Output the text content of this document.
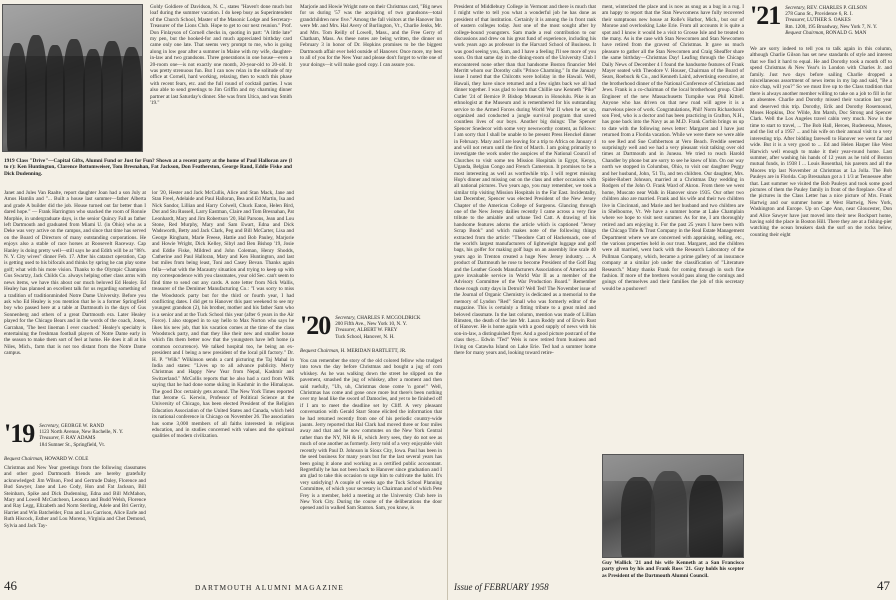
Goldy Goldiere of Davidson, N. C., states "Haven't done much but loaf during the summer vacation. I do keep busy as Superintendent of the Church School, Master of the Masonic Lodge and Secretary-Treasurer of the Lions Club. Hope to get to our next reunion." Prof. Don Finlayson of Cornell checks in, quoting in part: "A little late" my pen, but the hooked-for and much appreciated birthday card came only one late. That seems very prompt to me, who is going along in low gear after a summer in Maine with my wife, daughter-in-law and two grandsons. Three generations in one house—even a 20-room one—is not exactly one month, 20-year-old to 20-old. It was pretty strenuous fun. But I can now relax in the solitude of my office at Cornell, hard working, relaxing, then to watch this phase with recent fears, etc. and the full round of cocktail parties. I was also able to send greetings to Jim Griffin and my charming dinner partner at last Saturday's dinner. She was from Utica, and was Smith '19."
1919 Class "Drive"—Capital Gifts, Alumni Fund or Just for Fun? Shown at a recent party at the home of Paul Halloran are (l to r): Ken Huntington, Clarence Bottomweiser, Tom Bresnahan, Fat Jackson, Don Featherston, George Rand, Eddie Fiske and Dick Dudenning.
Janet and Jules Van Raalte, report daughter Joan had a son July at Amos Hamlin and "... Built a house last summer—father Alberta and grade A builder did the job. House turned out far better than I dared hope." — Frank Harrington who snacked the room of Ronnie Morphie, in undergraduate days, is the senior Quincy Fall as father left Dartmouth and graduated from Miami U. (in Ohio) who as a Deke was very active on the campus, and since that time has served on the Board of Directors of many outstanding corporations. He enjoys also a stable of race horses at Roosevelt Raceway. Cap Hanley is doing pretty well—still says he and Edith will be at "88's. N. Y. City wives" dinner Feb. 17. After his cataract operation, Cap is getting used to his bifocals and thinks by spring he can play some golf; what with his mote vision. Thanks to the Olympic Champion Gus Swartzy, Jack Childs Co. always helping other class arms with news items, we have this about our much beloved Ed Healey. Ed Healey has planned an excellent talk for us regarding something of a tradition of traditionminded Notre Dame University. Before you ask who Ed Healey is you mention that he is a former Springfield boy who passed here at a table at Dartmouth in the days of Gus Sonnenberg and others of a great Dartmouth era. Later Healey played for the Chicago Bears and in the words of the coach, Jones, Garrahan, 'The best lineman I ever coached.' Healey's specialty is entertaining the freshman football players of Notre Dame early in the season to make them sort of feel at home. He does it all at his Niles, Mich., farm that is not too distant from the Notre Dame campus.
'19 Secretary, GEORGE W. RAND
1123 North Avenue, New Rochelle, N. Y.
Treasurer, F. RAY ADAMS
184 Sumner St., Springfield, Vt.
Bequest Chairman, HOWARD W. COLE
Christmas and New Year greetings from the following classmates and other good Dartmouth friends are hereby gratefully acknowledged: Jim Wilson, Fred and Gertrude Daley, Florence and Bud Sawyer, Jane and Leo Cody, Hon and Fat Jackson, Bill Steinbarn, Spike and Dick Dudenning, Edna and Bill McMahon, Mary and Lowell McCutcheon, Leonora and Budd Welsh, Florence and Ray Legg, Elizabeth and Norm Sterling, Adele and Bri Gerrity, Harriet and Win Batchelder, Fran and Lou Garrison, Alice Earle and Ruth Hiscock, Esther and Lou Moreno, Virginia and Chet Demond, Sylvia and Jack Tay-
lor '20, Hester and Jack McCullis, Alice and Stan Mack, Jane and Stan Freel, Adelaide and Paul Halloran, Bea and Ed Martin, Isa and Nick Sandor, Lillian and Harry Colwell, Chuck Eaton, Helen Bird, Dot and Stu Russell, Larry Eastman, Claire and Tom Bresnahan, Pat Leonhardt, Mary and Jim Robertson '20, Hal Parsons, Jean and Lou Stone, Red Murphy, Mary and Sam Ewart, Edna and Dick Wadsworth, Betty and Jack Clark, Peg and Bill McCarter, Lisa and George Ringham, Marie Freese, Hattie and Bob Pauley, Marjorie and Howie Wright, Dick Kelley, Sibyl and Ben Bishop '19, Josie and Eddie Fiske, Mildred and John Coleman, Henry Shodds, Catherine and Paul Halloran, Mary and Ken Huntington, and last but miles from being least, Toni and Casey Bevan. Thanks again fella—what with the Macautry situation and trying to keep up with my correspondence with you classmates, your old Sec. can't seem to find time to send out any cards. A note letter from Nick Wallis, treasurer of the Demimer Manufacturing Co.: "I was sorry to miss the Woodstock party but for the third or fourth year, I had conflicting dates. I did get to Hanover this past weekend to see my youngest grandson (2), his brother, mother and his father Sam who is a senior and at the Tuck School this year (after 6 years in the Air Force). I also stopped in to say hello to Max Norton who says he likes his new job, that his vacation comes at the time of the class Woodstock party, and that they like their new and smaller house which fits them better now that the youngsters have left home (a common occurrence). We talked hospital too, he being an ex-president and I being a new president of the local pill factory." Dr. H. P. "Wilk" Wilkinson sends a card picturing the Taj Mahal in India and states: "Lives up to all advance publicity. Merry Christmas and Happy New Year from Nepal, Kashmir and Switzerland." McCollis reports that he also had a card from Wilk saying that he had done some skiing in Kashmir in the Himalayas. The good Doc certainly gets around. The New York Times reported that Jerome G. Kerwin, Professor of Political Science at the University of Chicago, has been elected President of the Religion Education Association of the United States and Canada, which held its national conference in Chicago on November 26. The association has some 3,000 members of all faiths interested in religious education, and in studies concerned with values and the spiritual qualities of modern civilization.
Marjorie and Howie Wright note on their Christmas card, "Big news for us during '57 was the acquiring of two grandsons—total grandchildren now five." Among the fall visitors at the Hanover Inn were Mr. and Mrs. Hal Avery of Burlington, Vt., Charlie Jenks, Mr. and Mrs. Tom Reilly of Lowell, Mass., and the Free Gerry of Chatham, Mass. As these notes are being written, the dinner on February 3 in honor of Dr. Hopkins promises to be the biggest Dartmouth affair ever held outside of Hanover. Once more, my best to all of you for the New Year and please don't forget to write one of your doings—it will make good copy. I can assure you.
'20 Secretary, CHARLES F. MCGOLDRICK
200 Fifth Ave., New York 10, N. Y.
Treasurer, ALBERT W. FREY
Tuck School, Hanover, N. H.
Bequest Chairman, H. MERIDAN BARTLETT, JR.
You can remember the story of the old colored fellow who trudged into town the day before Christmas and bought a jug of corn whiskey. As he was walking down the street he slipped on the pavement, smashed the jug of whiskey, after a moment and then said ruefully, "Uh, uh, Christmas done come 'n gone!" Well, Christmas has come and gone once more but there's been nothing over my head like the sword of Damocles, and yet to be finished off if I am to meet the deadline set by Cliff. A very pleasant conversation with Gerald Starr Stone elicited the information that he had returned recently from one of his periodic country-wide jaunts. Jerry reported that Hal Clark had moved three or four miles away and that and he now commutes on the New York Central rather than the NY, NH & H, which Jerry sees, they do not see as much of one another as formerly. Jerry told of a very enjoyable visit recently with Paul D. Johnson in Sioux City, Iowa. Paul has been in the seed business for many years but for the last several years has been going it alone and working as a certified public accountant. Regretfully he has not been back to Hanover since graduation and I am glad to take this occasion to urge him to cultivate the habit. It's very satisfying! A couple of weeks ago the Tuck School Planning Committee, of which your secretary is Chairman and of which Pete Frey is a member, held a meeting at the University Club here in New York City. During the course of the deliberations the door opened and in walked Sam Stanton. Sam, you know, is
46	DARTMOUTH ALUMNI MAGAZINE
President of Middlebury College in Vermont and there is much that I might write to tell you what a wonderful job he has done as president of that institution. Certainly it is among the in front rank of eastern colleges today. Just one of the most sought after by college-bound youngsters. Sam made a real contribution to our discussions and drew on his great fund of experience, including his work years ago as professor in the Harvard School of Business. It was good seeing you, Sam, and I have a feeling I'll see more of you soon. On that same day in the dining-room of the University Club I encountered none other than that handsome Boston financier Mel Merritt whom our Dorothy calls "Prince Charming." In the January issue I noted that the Chilcotts were holiday in the Hawaii. Well, Hawaii, they have since returned and a few sights back we all had dinner together. I was glad to learn that Chillie saw Kenneth "Pike" Cutler '24 of Bernice P. Bishop Museum in Honolulu. Pike is an ethnologist at the Museum and is remembered for his outstanding service to the Armed Forces during World War II when he set up, organized and conducted a jungle survival program that saved countless lives of our boys. Another big doings: The Spencer Spencer Snedecor with some very newsworthy content, as follows: I am sorry that I shall be unable to be present Press Henckel dinner in February. Mary and I are leaving for a trip to Africa on January 4 and will not return until the first of March. I am going primarily to investigate the work under the auspices of the National Council of Churches to visit some ten Mission Hospitals in Egypt, Kenya, Uganda, Belgian Congo and French Cameroun. It promises to be a most interesting as well as worthwhile trip. I will regret missing Hop's dinner and missing out on the class and other occasions with all national pictures. Two years ago, you may remember, we took a similar trip visiting Mission Hospitals in the Far East. Incidentally, last December, Spencer was elected President of the New Jersey Chapter of the American College of Surgeons. Glancing through one of the New Jersey dailies recently I came across a very fine tribute to the amiable and urbane Ted Catt. A drawing of his handsome features adorns the article which is captioned "Jersey Scrap Book" and which makes note of the following things extracted from the article: "Theodore Catt of Hackensack, one of the world's largest manufacturers of lightweight luggage and golf bags, his golfer for making golf bags on an assembly line scale 40 years ago in Trenton created a huge New Jersey industry. ... A product of Dartmouth he rose to become President of the Golf Bag and the Leather Goods Manufacturers Associations of America and gave invaluable service in World War II as a member of the Advisory Committee of the War Production Board." Remember those rough cutty days in Detroit? Well Ted! The November issue of the Journal of Organic Chemistry is dedicated as a memorial to the memory of Lyndon "Red" Small who was formerly editor of the magazine. This is certainly a fitting tribute to a great mind and beloved classmate. In the last column, mention was made of Lillian Rimsten, the death of the late Mr. Laura Roddy and of Erwin Rust of Hanover. He is home again with a good supply of news with his son-in-law, a distinguished flyer. And a good picture postcard of the class they... Edwin "Ted" Weis is now retired from business and living on Catawba Island on Lake Erie. Ted had a summer home there for many years and, looking toward retire-
ment, winterized the place and is now as snug as a bug in a rug. I am happy to report that the Stan Newcomens have fully recovered their sumptuous new house at Rolle's Harbor, Mich., but our of Monroe and overlooking Lake Erie. From all accounts it is quite a spot and I know it would be a visit to Grosse Isle and be treated to the many. As is the case with Stan Newcomen and Stan Newcomen have retired from the gravest of Christmas. It gave us much pleasure to gather all the Stan Newcomen and Craig Sheaffer share the same birthday—Christmas Day! Leafing through the Chicago Daily News of December 4 I found the handsome features of Frank Mayer seated with Theodore V. Houser, Chairman of the Board of Sears, Roebuck & Co., and Kenneth Laird, advertising executive, at the brotherhood dinner of the National Conference of Christians and Jews. Frank is a co-chairman of the local brotherhood group. Chief Engineer of the new Massachusetts Turnpike was Phil Kittell. Anyone who has driven on that new road will agree it is a marvelous piece of work. Congratulations, Phil! Norm Richardson's son Fred, who is a doctor and has been practicing in Grafton, N.H., has gone back into the Navy as an M.D. Frank Corbin brings us up to date with the following news letter: Margaret and I have just returned from a Florida vacation. While we were there we were able to see Red and Sue Cuthbertson at Vero Beach. Freddie seemed surprisingly well and we had a very pleasant visit talking over old times at Dartmouth and in Juneau. We tried to reach Harold Chandler by phone but are sorry to see he knew of him. On our way north we stopped in Columbus, Ohio, to visit our daughter Peggy and her husband, John, '51 Tu, and ten children. Our daughter, Mrs. Spider-Robert Johnson, married at a Christmas Day wedding in Rodgers of the John O. Frank Ward of Akron. From there we went home, Muscato near Walk in Hanover since 1935. Our other two children also are married. Frank and his wife and their two children live in Cincinnati, and Marie and her husband and two children are in Shelbourne, Vt. We have a summer home at Lake Champlain where we hope to visit next summer. As for me, I am thoroughly retired and am enjoying it. For the past 25 years I have been with the Chicago Title & Trust Company in the Real Estate Management Department where we are concerned with appraising, selling, etc., the various properties held in our trust. Margaret, and the children were all married, went back with the Research Laboratory of the Pullman Company, which, became a prime gallery of an insurance company at a similar job under the classification of "Literature Research." Many thanks Frank for coming through in such fine fashion. If more of the brethren would pass along the comings and goings of themselves and their families the job of this secretary would be a pushover!
Guy Wallick '21 and his wife Kenneth at a San Francisco party given by his and Frank Ross '21. Guy holds his scepter as President of the Dartmouth Alumni Council.
'21 Secretary, REV. CHARLES P. GILSON
278 Gano St., Providence 6, R. I.
Treasurer, LUTHER S. OAKES
Rm. 1200, 195 Broadway, New York 7, N. Y.
Bequest Chairman, RONALD G. MAN
We are sorry indeed to tell you to talk again in this column, although Charlie Gilson has set new standards of style and interest that we find it hard to equal. He and Dorothy took a month off to spend Christmas & New Year's in London with Charles Jr. and family. Just two days before sailing Charlie dropped a miscellaneous assortment of news items in my lap and said, "Be a nice chap, will you?" So we must live up to the Class tradition that there is always another member willing to take on a job to fill in for an absentee. Charlie and Dorothy missed their vacation last year and deserved this trip. Dorothy, Erik and Dorothy Rosemound, Moses Hopkins, Doc Wilde, Jim Marsh, Doc Strong and Spencer Clark. Well the Los Angeles travel cabin very much. Now is the time to start to travel, ... The Bob Hall, Heroes, Rudenessa, Moses, and the list of a 1957 ... and his wife on their annual visit to a very interesting trip. After bidding farewell to Hanover we went far and wide. But it is a very good to ... Ed and Helen Harper like West Harwich well enough to make it their year-round home. Last summer, after washing his hands of 12 years as he told of Boston mutual funds, in 1938 I ... Louis Rosenthal, his parents and all the Moores trip last November at Christmas at La Jolla. The Bob Pauleys are in Florida. Cop Bresnahan got a 1 1/3 at Tennessee after that. Last summer we visited the Bob Pauleys and took some good pictures of them the Pauley family in front of the fireplace. One of the pictures in the Class Letter has a nice picture of Mrs. Frank Hartwig and our summer home at West Hartwig, New York, Washington and Europe. Up on Cape Ann, near Gloucester, Don and Alice Sawyer have just moved into their new Rockport home, having sold the place in Boston Hill. There they are at a fishing-pier watching the ocean breakers dash the surf on the rocks below, counting their eight
Issue of FEBRUARY 1958	47
